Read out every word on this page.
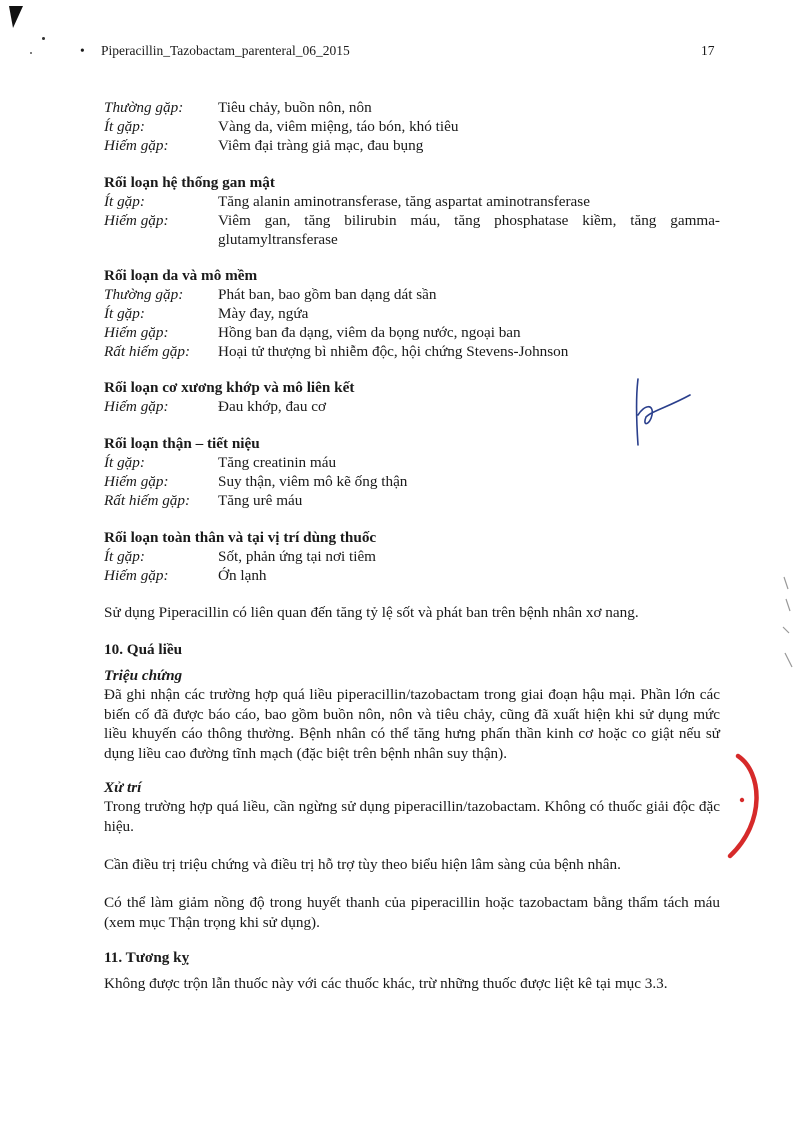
• Piperacillin_Tazobactam_parenteral_06_2015	17
Thường gặp: Tiêu chảy, buồn nôn, nôn
Ít gặp:	Vàng da, viêm miệng, táo bón, khó tiêu
Hiếm gặp:	Viêm đại tràng giả mạc, đau bụng
Rối loạn hệ thống gan mật
Ít gặp:	Tăng alanin aminotransferase, tăng aspartat aminotransferase
Hiếm gặp:	Viêm gan, tăng bilirubin máu, tăng phosphatase kiềm, tăng gamma-glutamyltransferase
Rối loạn da và mô mềm
Thường gặp: Phát ban, bao gồm ban dạng dát sần
Ít gặp:	Mày đay, ngứa
Hiếm gặp:	Hồng ban đa dạng, viêm da bọng nước, ngoại ban
Rất hiếm gặp: Hoại tử thượng bì nhiễm độc, hội chứng Stevens-Johnson
Rối loạn cơ xương khớp và mô liên kết
Hiếm gặp:	Đau khớp, đau cơ
Rối loạn thận – tiết niệu
Ít gặp:	Tăng creatinin máu
Hiếm gặp:	Suy thận, viêm mô kẽ ống thận
Rất hiếm gặp: Tăng urê máu
Rối loạn toàn thân và tại vị trí dùng thuốc
Ít gặp:	Sốt, phản ứng tại nơi tiêm
Hiếm gặp:	Ớn lạnh
Sử dụng Piperacillin có liên quan đến tăng tỷ lệ sốt và phát ban trên bệnh nhân xơ nang.
10. Quá liều
Triệu chứng
Đã ghi nhận các trường hợp quá liều piperacillin/tazobactam trong giai đoạn hậu mại. Phần lớn các biến cố đã được báo cáo, bao gồm buồn nôn, nôn và tiêu chảy, cũng đã xuất hiện khi sử dụng mức liều khuyến cáo thông thường. Bệnh nhân có thể tăng hưng phấn thần kinh cơ hoặc co giật nếu sử dụng liều cao đường tĩnh mạch (đặc biệt trên bệnh nhân suy thận).
Xử trí
Trong trường hợp quá liều, cần ngừng sử dụng piperacillin/tazobactam. Không có thuốc giải độc đặc hiệu.
Cần điều trị triệu chứng và điều trị hỗ trợ tùy theo biểu hiện lâm sàng của bệnh nhân.
Có thể làm giảm nồng độ trong huyết thanh của piperacillin hoặc tazobactam bằng thẩm tách máu (xem mục Thận trọng khi sử dụng).
11. Tương kỵ
Không được trộn lẫn thuốc này với các thuốc khác, trừ những thuốc được liệt kê tại mục 3.3.
